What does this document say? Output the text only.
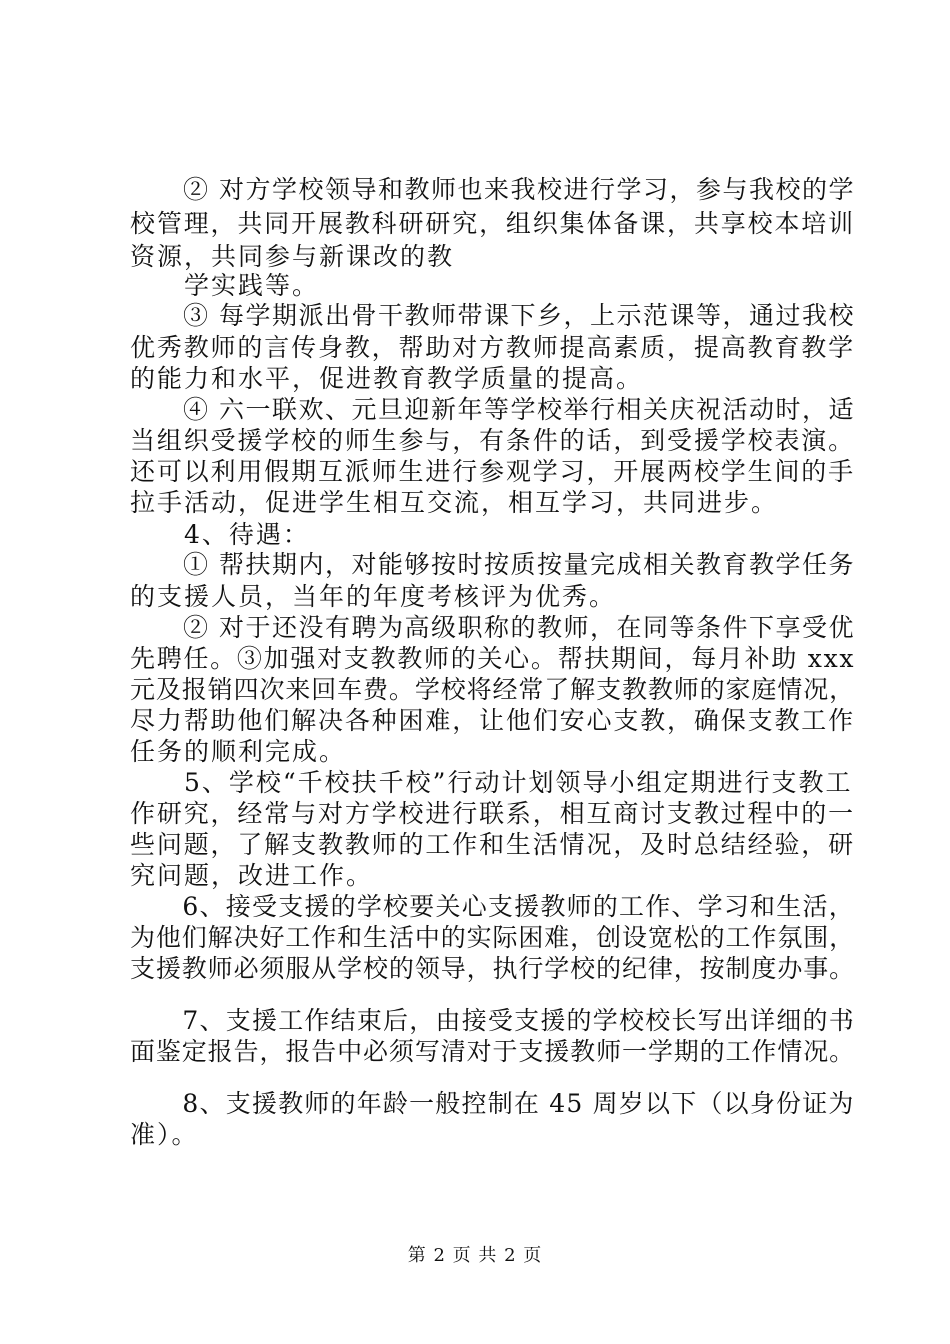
　　② 对方学校领导和教师也来我校进行学习，参与我校的学
校管理，共同开展教科研研究，组织集体备课，共享校本培训
资源，共同参与新课改的教
　　学实践等。
　　③ 每学期派出骨干教师带课下乡，上示范课等，通过我校
优秀教师的言传身教，帮助对方教师提高素质，提高教育教学
的能力和水平，促进教育教学质量的提高。
　　④ 六一联欢、元旦迎新年等学校举行相关庆祝活动时，适
当组织受援学校的师生参与，有条件的话，到受援学校表演。
还可以利用假期互派师生进行参观学习，开展两校学生间的手
拉手活动，促进学生相互交流，相互学习，共同进步。
　　4、待遇：
　　① 帮扶期内，对能够按时按质按量完成相关教育教学任务
的支援人员，当年的年度考核评为优秀。
　　② 对于还没有聘为高级职称的教师，在同等条件下享受优
先聘任。③加强对支教教师的关心。帮扶期间，每月补助 xxx
元及报销四次来回车费。学校将经常了解支教教师的家庭情况，
尽力帮助他们解决各种困难，让他们安心支教，确保支教工作
任务的顺利完成。
　　5、学校“千校扶千校”行动计划领导小组定期进行支教工
作研究，经常与对方学校进行联系，相互商讨支教过程中的一
些问题，了解支教教师的工作和生活情况，及时总结经验，研
究问题，改进工作。
　　6、接受支援的学校要关心支援教师的工作、学习和生活，
为他们解决好工作和生活中的实际困难，创设宽松的工作氛围，
支援教师必须服从学校的领导，执行学校的纪律，按制度办事。
　　7、支援工作结束后，由接受支援的学校校长写出详细的书
面鉴定报告，报告中必须写清对于支援教师一学期的工作情况。
　　8、支援教师的年龄一般控制在 45 周岁以下（以身份证为
准）。
第 2 页 共 2 页
